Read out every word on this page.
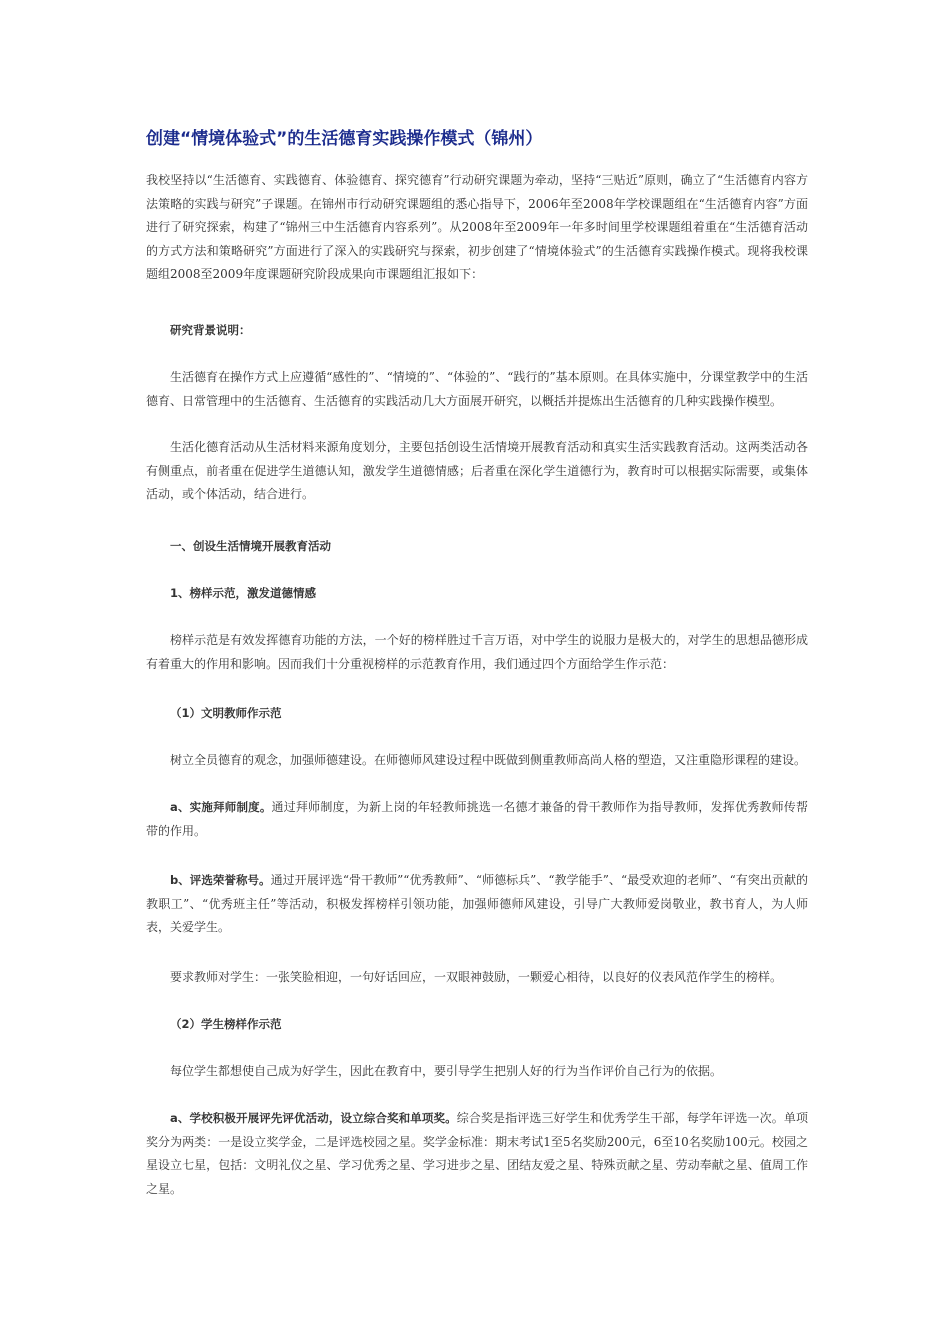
创建“情境体验式”的生活德育实践操作模式（锦州）

我校坚持以“生活德育、实践德育、体验德育、探究德育”行动研究课题为牵动，坚持“三贴近”原则，确立了“生活德育内容方法策略的实践与研究”子课题。在锦州市行动研究课题组的悉心指导下，2006年至2008年学校课题组在“生活德育内容”方面进行了研究探索，构建了“锦州三中生活德育内容系列”。从2008年至2009年一年多时间里学校课题组着重在“生活德育活动的方式方法和策略研究”方面进行了深入的实践研究与探索，初步创建了“情境体验式”的生活德育实践操作模式。现将我校课题组2008至2009年度课题研究阶段成果向市课题组汇报如下：

研究背景说明：

生活德育在操作方式上应遵循“感性的”、“情境的”、“体验的”、“践行的”基本原则。在具体实施中，分课堂教学中的生活德育、日常管理中的生活德育、生活德育的实践活动几大方面展开研究，以概括并提炼出生活德育的几种实践操作模型。

生活化德育活动从生活材料来源角度划分，主要包括创设生活情境开展教育活动和真实生活实践教育活动。这两类活动各有侧重点，前者重在促进学生道德认知，激发学生道德情感；后者重在深化学生道德行为，教育时可以根据实际需要，或集体活动，或个体活动，结合进行。

一、创设生活情境开展教育活动

1、榜样示范，激发道德情感

榜样示范是有效发挥德育功能的方法，一个好的榜样胜过千言万语，对中学生的说服力是极大的，对学生的思想品德形成有着重大的作用和影响。因而我们十分重视榜样的示范教育作用，我们通过四个方面给学生作示范：

（1）文明教师作示范

树立全员德育的观念，加强师德建设。在师德师风建设过程中既做到侧重教师高尚人格的塑造，又注重隐形课程的建设。

a、实施拜师制度。通过拜师制度，为新上岗的年轻教师挑选一名德才兼备的骨干教师作为指导教师，发挥优秀教师传帮带的作用。

b、评选荣誉称号。通过开展评选“骨干教师”“优秀教师”、“师德标兵”、“教学能手”、“最受欢迎的老师”、“有突出贡献的教职工”、“优秀班主任”等活动，积极发挥榜样引领功能，加强师德师风建设，引导广大教师爱岗敬业，教书育人，为人师表，关爱学生。

要求教师对学生：一张笑脸相迎，一句好话回应，一双眼神鼓励，一颗爱心相待，以良好的仪表风范作学生的榜样。

（2）学生榜样作示范

每位学生都想使自己成为好学生，因此在教育中，要引导学生把别人好的行为当作评价自己行为的依据。

a、学校积极开展评先评优活动，设立综合奖和单项奖。综合奖是指评选三好学生和优秀学生干部，每学年评选一次。单项奖分为两类：一是设立奖学金，二是评选校园之星。奖学金标准：期末考试1至5名奖励200元，6至10名奖励100元。校园之星设立七星，包括：文明礼仪之星、学习优秀之星、学习进步之星、团结友爱之星、特殊贡献之星、劳动奉献之星、值周工作之星。
